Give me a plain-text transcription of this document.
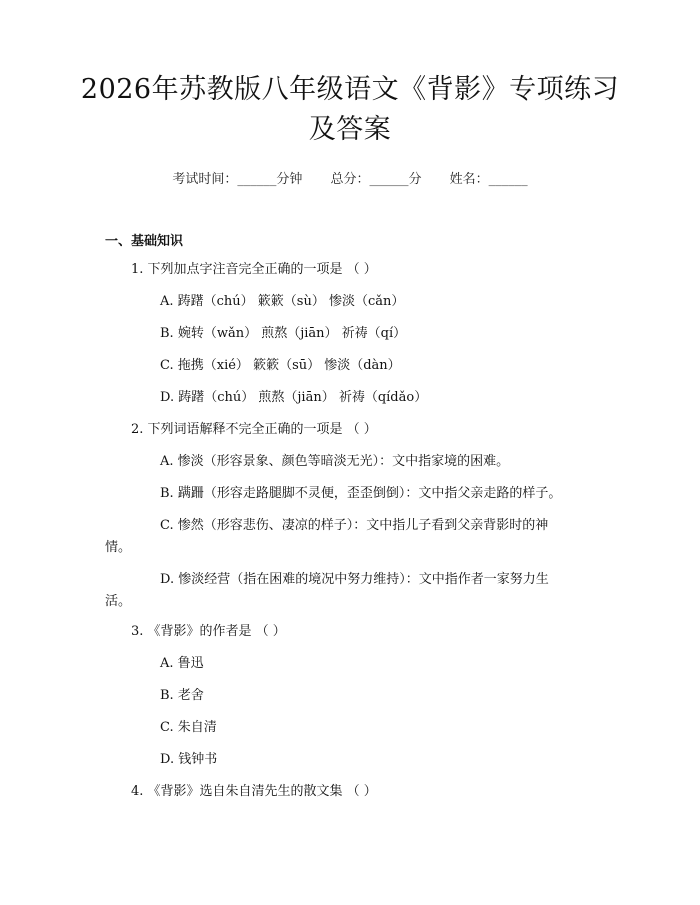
2026年苏教版八年级语文《背影》专项练习
及答案
考试时间：______分钟 总分：______分 姓名：______
一、基础知识
1. 下列加点字注音完全正确的一项是 （ ）
A. 踌躇（chú） 簌簌（sù） 惨淡（cǎn）
B. 婉转（wǎn） 煎熬（jiān） 祈祷（qí）
C. 拖携（xié） 簌簌（sū） 惨淡（dàn）
D. 踌躇（chú） 煎熬（jiān） 祈祷（qídǎo）
2. 下列词语解释不完全正确的一项是 （ ）
A. 惨淡（形容景象、颜色等暗淡无光）：文中指家境的困难。
B. 蹒跚（形容走路腿脚不灵便，歪歪倒倒）：文中指父亲走路的样子。
C. 惨然（形容悲伤、凄凉的样子）：文中指儿子看到父亲背影时的神
情。
D. 惨淡经营（指在困难的境况中努力维持）：文中指作者一家努力生
活。
3. 《背影》的作者是 （ ）
A. 鲁迅
B. 老舍
C. 朱自清
D. 钱钟书
4. 《背影》选自朱自清先生的散文集 （ ）
